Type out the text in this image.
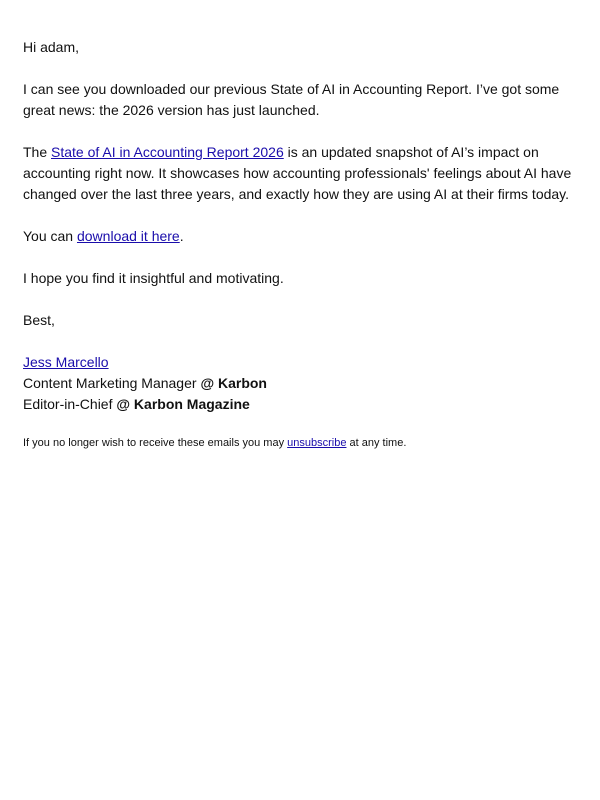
Hi adam,

I can see you downloaded our previous State of AI in Accounting Report. I’ve got some great news: the 2026 version has just launched.

The State of AI in Accounting Report 2026 is an updated snapshot of AI’s impact on accounting right now. It showcases how accounting professionals' feelings about AI have changed over the last three years, and exactly how they are using AI at their firms today.

You can download it here.

I hope you find it insightful and motivating.

Best,

Jess Marcello
Content Marketing Manager @ Karbon
Editor-in-Chief @ Karbon Magazine

If you no longer wish to receive these emails you may unsubscribe at any time.
